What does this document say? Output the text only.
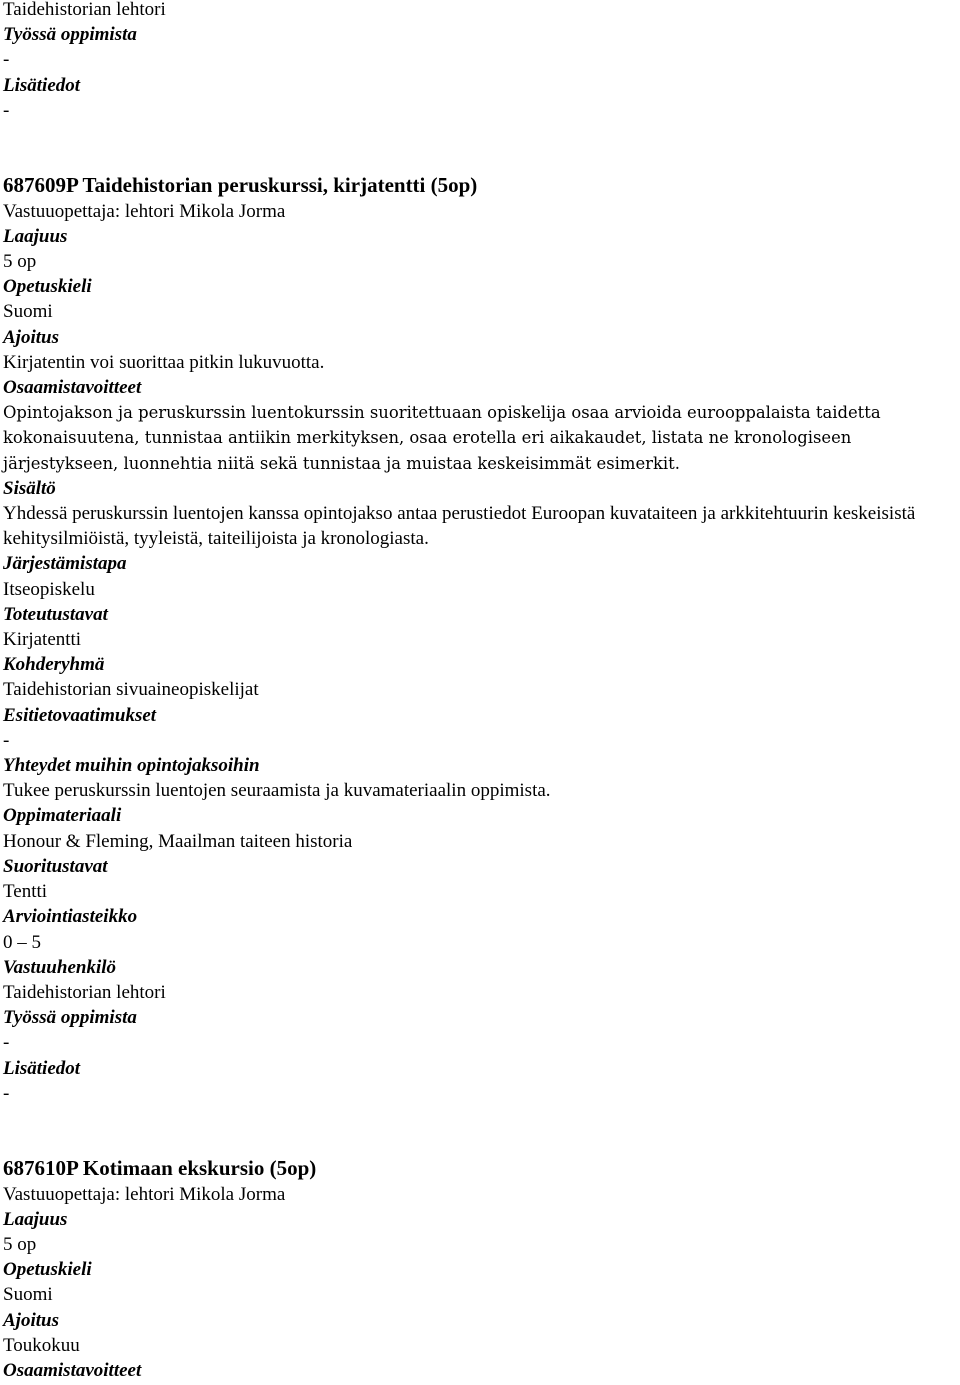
Taidehistorian lehtori
Työssä oppimista
-
Lisätiedot
-
687609P Taidehistorian peruskurssi, kirjatentti (5op)
Vastuuopettaja: lehtori Mikola Jorma
Laajuus
5 op
Opetuskieli
Suomi
Ajoitus
Kirjatentin voi suorittaa pitkin lukuvuotta.
Osaamistavoitteet
Opintojakson ja peruskurssin luentokurssin suoritettuaan opiskelija osaa arvioida eurooppalaista taidetta kokonaisuutena, tunnistaa antiikin merkityksen, osaa erotella eri aikakaudet, listata ne kronologiseen järjestykseen, luonnehtia niitä sekä tunnistaa ja muistaa keskeisimmät esimerkit.
Sisältö
Yhdessä peruskurssin luentojen kanssa opintojakso antaa perustiedot Euroopan kuvataiteen ja arkkitehtuurin keskeisistä kehitysilmiöistä, tyyleistä, taiteilijoista ja kronologiasta.
Järjestämistapa
Itseopiskelu
Toteutustavat
Kirjatentti
Kohderyhmä
Taidehistorian sivuaineopiskelijat
Esitietovaatimukset
-
Yhteydet muihin opintojaksoihin
Tukee peruskurssin luentojen seuraamista ja kuvamateriaalin oppimista.
Oppimateriaali
Honour & Fleming, Maailman taiteen historia
Suoritustavat
Tentti
Arviointiasteikko
0 – 5
Vastuuhenkilö
Taidehistorian lehtori
Työssä oppimista
-
Lisätiedot
-
687610P Kotimaan ekskursio (5op)
Vastuuopettaja: lehtori Mikola Jorma
Laajuus
5 op
Opetuskieli
Suomi
Ajoitus
Toukokuu
Osaamistavoitteet
